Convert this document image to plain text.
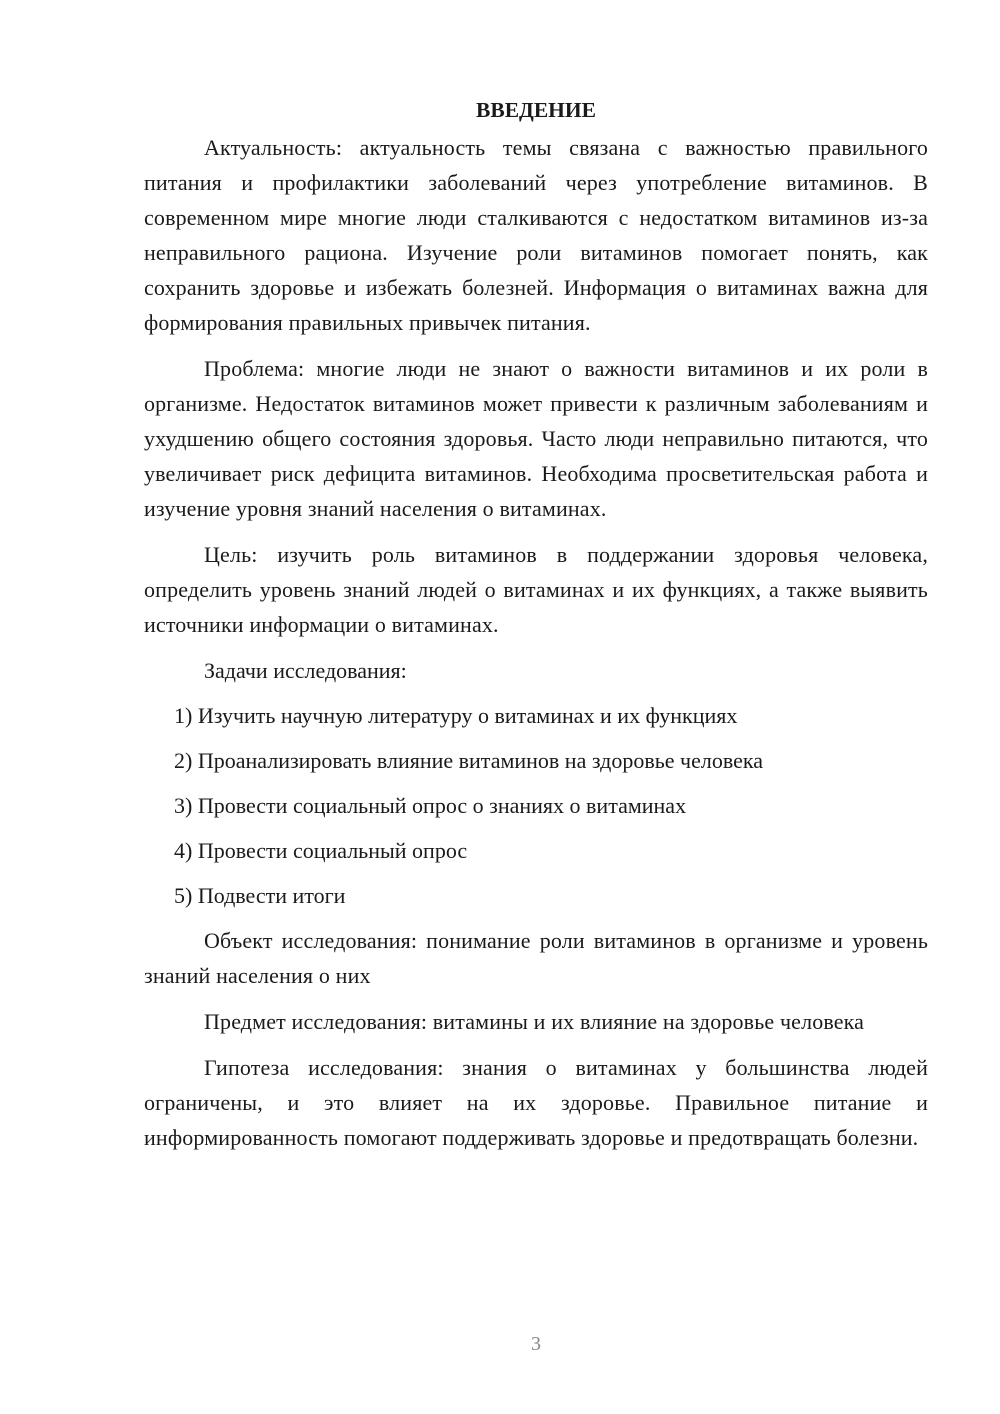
ВВЕДЕНИЕ

Актуальность: актуальность темы связана с важностью правильного питания и профилактики заболеваний через употребление витаминов. В современном мире многие люди сталкиваются с недостатком витаминов из-за неправильного рациона. Изучение роли витаминов помогает понять, как сохранить здоровье и избежать болезней. Информация о витаминах важна для формирования правильных привычек питания.

Проблема: многие люди не знают о важности витаминов и их роли в организме. Недостаток витаминов может привести к различным заболеваниям и ухудшению общего состояния здоровья. Часто люди неправильно питаются, что увеличивает риск дефицита витаминов. Необходима просветительская работа и изучение уровня знаний населения о витаминах.

Цель: изучить роль витаминов в поддержании здоровья человека, определить уровень знаний людей о витаминах и их функциях, а также выявить источники информации о витаминах.

Задачи исследования:
1) Изучить научную литературу о витаминах и их функциях
2) Проанализировать влияние витаминов на здоровье человека
3) Провести социальный опрос о знаниях о витаминах
4) Провести социальный опрос
5) Подвести итоги

Объект исследования: понимание роли витаминов в организме и уровень знаний населения о них

Предмет исследования: витамины и их влияние на здоровье человека

Гипотеза исследования: знания о витаминах у большинства людей ограничены, и это влияет на их здоровье. Правильное питание и информированность помогают поддерживать здоровье и предотвращать болезни.

3
